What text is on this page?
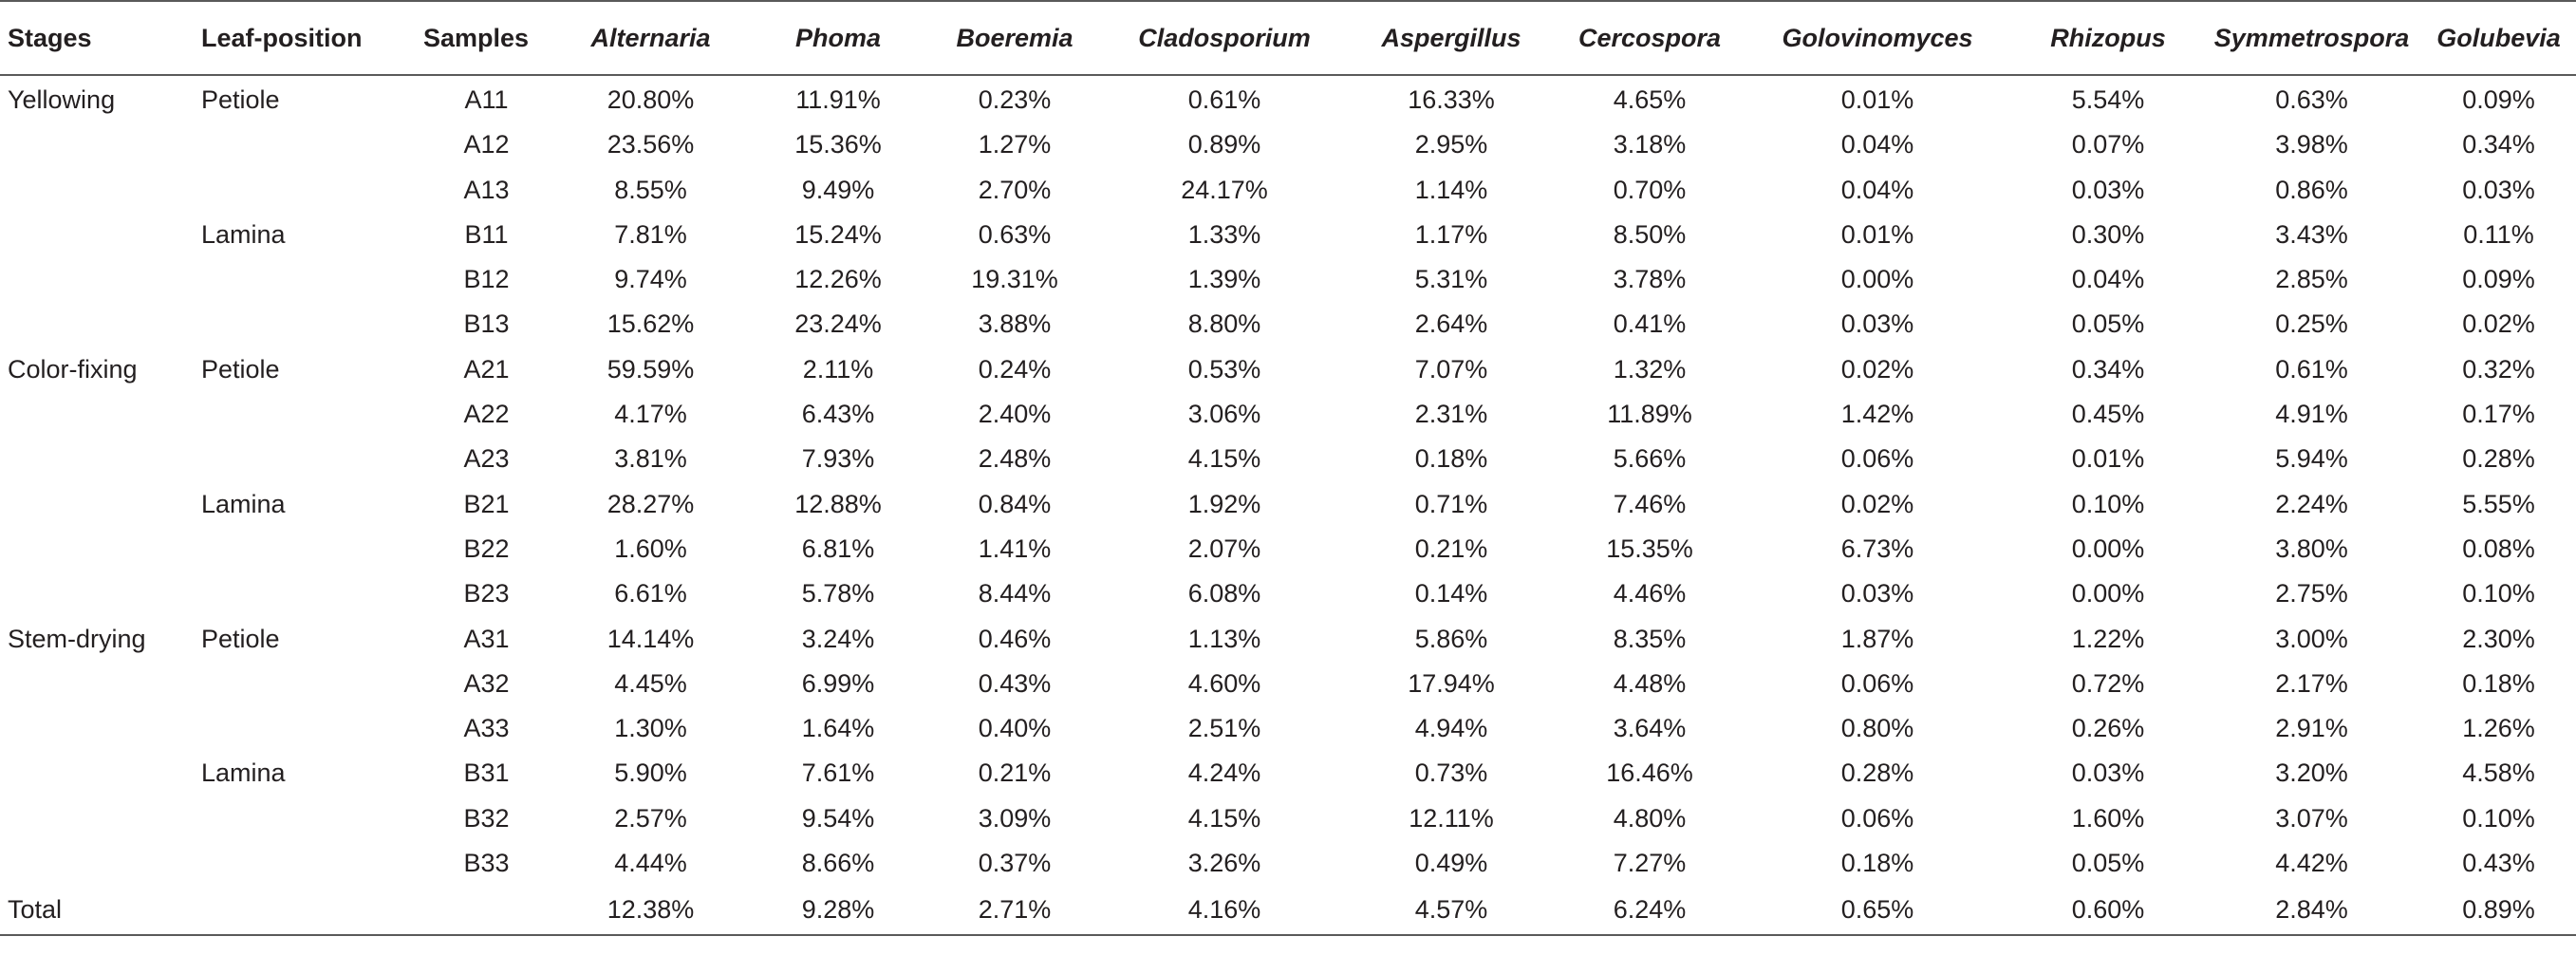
Stages	Leaf-position	Samples	Alternaria	Phoma	Boeremia	Cladosporium	Aspergillus	Cercospora	Golovinomyces	Rhizopus	Symmetrospora	Golubevia
Yellowing	Petiole	A11	20.80%	11.91%	0.23%	0.61%	16.33%	4.65%	0.01%	5.54%	0.63%	0.09%
		A12	23.56%	15.36%	1.27%	0.89%	2.95%	3.18%	0.04%	0.07%	3.98%	0.34%
		A13	8.55%	9.49%	2.70%	24.17%	1.14%	0.70%	0.04%	0.03%	0.86%	0.03%
	Lamina	B11	7.81%	15.24%	0.63%	1.33%	1.17%	8.50%	0.01%	0.30%	3.43%	0.11%
		B12	9.74%	12.26%	19.31%	1.39%	5.31%	3.78%	0.00%	0.04%	2.85%	0.09%
		B13	15.62%	23.24%	3.88%	8.80%	2.64%	0.41%	0.03%	0.05%	0.25%	0.02%
Color-fixing	Petiole	A21	59.59%	2.11%	0.24%	0.53%	7.07%	1.32%	0.02%	0.34%	0.61%	0.32%
		A22	4.17%	6.43%	2.40%	3.06%	2.31%	11.89%	1.42%	0.45%	4.91%	0.17%
		A23	3.81%	7.93%	2.48%	4.15%	0.18%	5.66%	0.06%	0.01%	5.94%	0.28%
	Lamina	B21	28.27%	12.88%	0.84%	1.92%	0.71%	7.46%	0.02%	0.10%	2.24%	5.55%
		B22	1.60%	6.81%	1.41%	2.07%	0.21%	15.35%	6.73%	0.00%	3.80%	0.08%
		B23	6.61%	5.78%	8.44%	6.08%	0.14%	4.46%	0.03%	0.00%	2.75%	0.10%
Stem-drying	Petiole	A31	14.14%	3.24%	0.46%	1.13%	5.86%	8.35%	1.87%	1.22%	3.00%	2.30%
		A32	4.45%	6.99%	0.43%	4.60%	17.94%	4.48%	0.06%	0.72%	2.17%	0.18%
		A33	1.30%	1.64%	0.40%	2.51%	4.94%	3.64%	0.80%	0.26%	2.91%	1.26%
	Lamina	B31	5.90%	7.61%	0.21%	4.24%	0.73%	16.46%	0.28%	0.03%	3.20%	4.58%
		B32	2.57%	9.54%	3.09%	4.15%	12.11%	4.80%	0.06%	1.60%	3.07%	0.10%
		B33	4.44%	8.66%	0.37%	3.26%	0.49%	7.27%	0.18%	0.05%	4.42%	0.43%
Total			12.38%	9.28%	2.71%	4.16%	4.57%	6.24%	0.65%	0.60%	2.84%	0.89%
